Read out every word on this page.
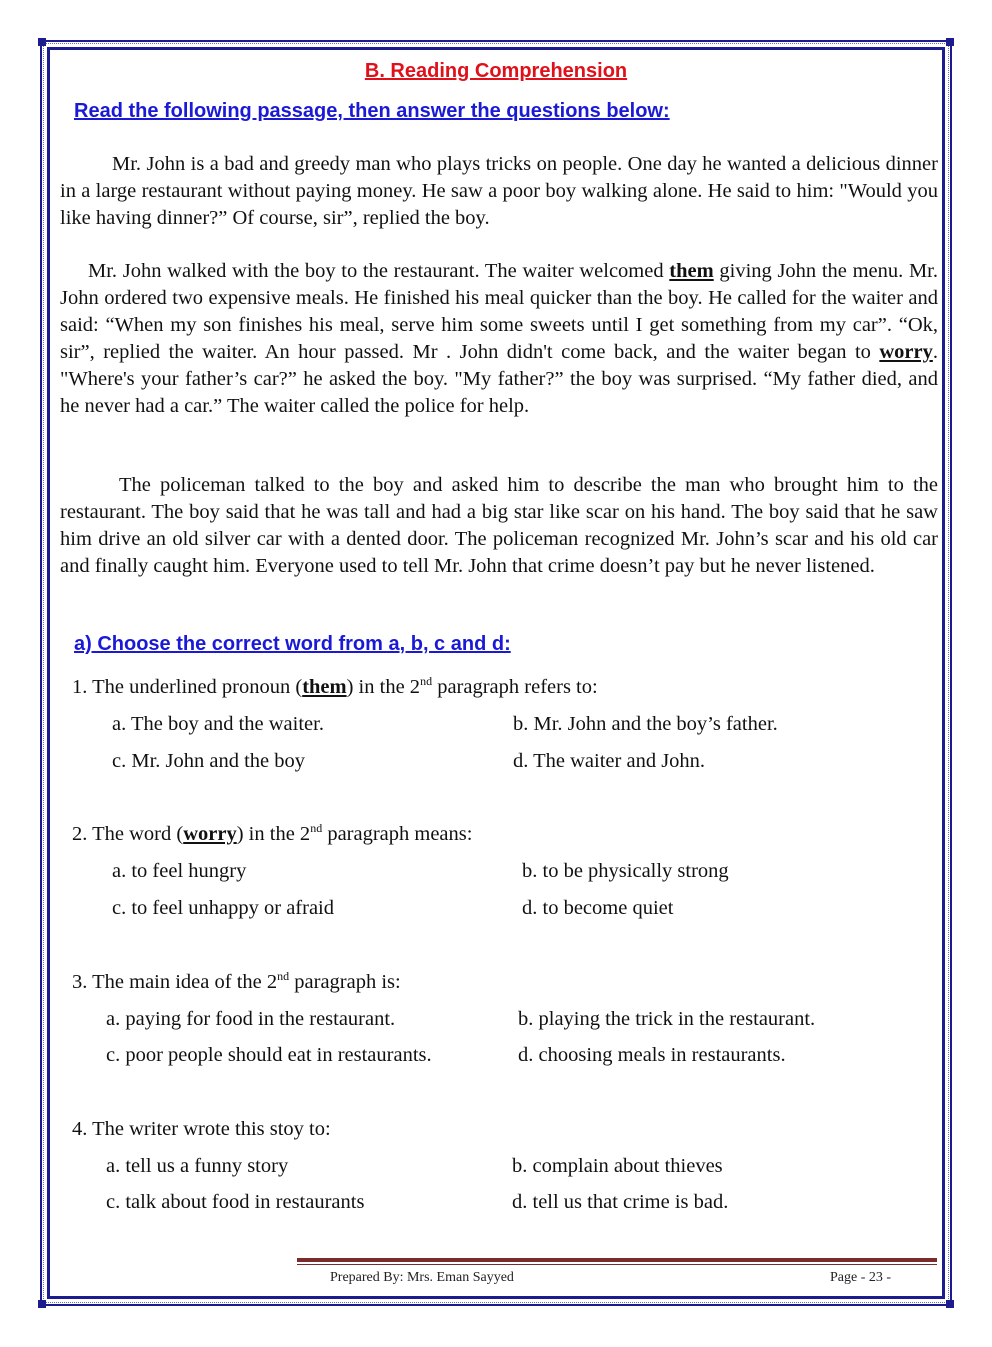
B. Reading Comprehension
Read the following passage, then answer the questions below:

Mr. John is a bad and greedy man who plays tricks on people. One day he wanted a delicious dinner in a large restaurant without paying money. He saw a poor boy walking alone. He said to him: "Would you like having dinner?” Of course, sir”, replied the boy.

Mr. John walked with the boy to the restaurant. The waiter welcomed them giving John the menu. Mr. John ordered two expensive meals. He finished his meal quicker than the boy. He called for the waiter and said: “When my son finishes his meal, serve him some sweets until I get something from my car”. “Ok, sir”, replied the waiter. An hour passed. Mr . John didn't come back, and the waiter began to worry. "Where's your father’s car?” he asked the boy. "My father?” the boy was surprised. “My father died, and he never had a car.” The waiter called the police for help.

The policeman talked to the boy and asked him to describe the man who brought him to the restaurant. The boy said that he was tall and had a big star like scar on his hand. The boy said that he saw him drive an old silver car with a dented door. The policeman recognized Mr. John’s scar and his old car and finally caught him. Everyone used to tell Mr. John that crime doesn’t pay but he never listened.

a) Choose the correct word from a, b, c and d:
1. The underlined pronoun (them) in the 2nd paragraph refers to:
a. The boy and the waiter.	b. Mr. John and the boy’s father.
c. Mr. John and the boy	d. The waiter and John.
2. The word (worry) in the 2nd paragraph means:
a. to feel hungry	b. to be physically strong
c. to feel unhappy or afraid	d. to become quiet
3. The main idea of the 2nd paragraph is:
a. paying for food in the restaurant.	b. playing the trick in the restaurant.
c. poor people should eat in restaurants.	d. choosing meals in restaurants.
4. The writer wrote this stoy to:
a. tell us a funny story	b. complain about thieves
c. talk about food in restaurants	d. tell us that crime is bad.
Prepared By: Mrs. Eman Sayyed	Page - 23 -
